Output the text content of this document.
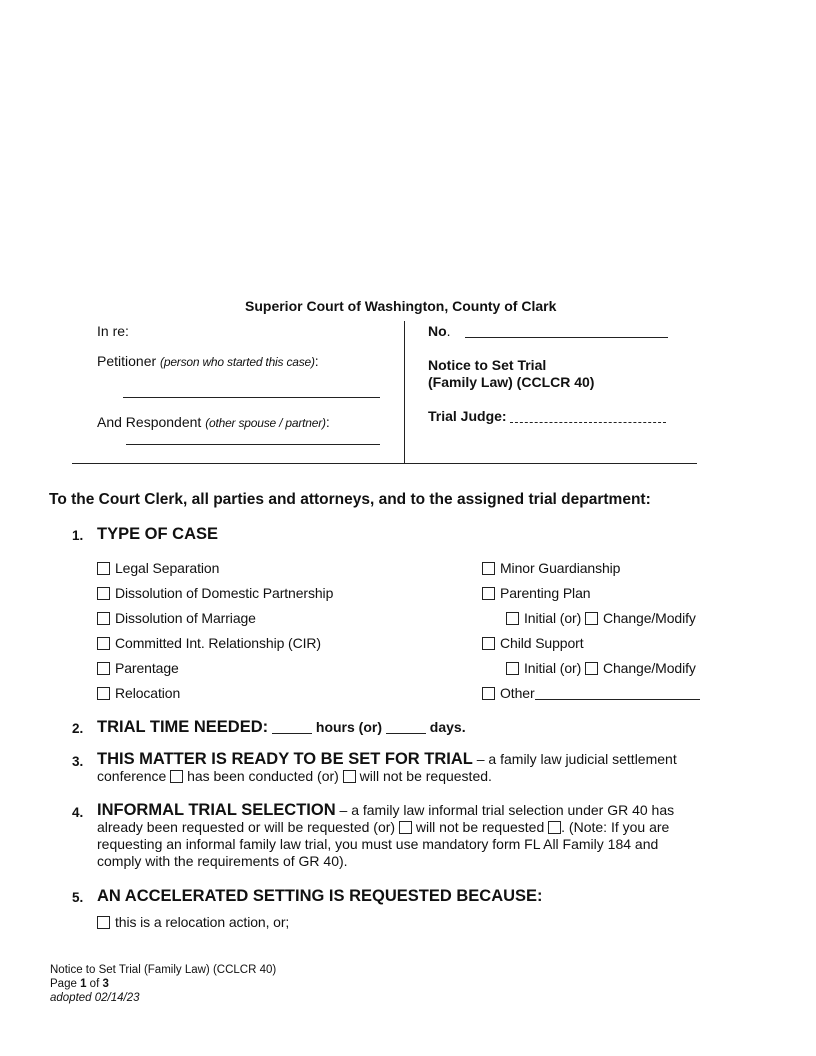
Superior Court of Washington, County of Clark
In re:
Petitioner (person who started this case):
And Respondent (other spouse / partner):
No.
Notice to Set Trial
(Family Law) (CCLCR 40)
Trial Judge:
To the Court Clerk, all parties and attorneys, and to the assigned trial department:
1. TYPE OF CASE
Legal Separation
Dissolution of Domestic Partnership
Dissolution of Marriage
Committed Int. Relationship (CIR)
Parentage
Relocation
Minor Guardianship
Parenting Plan
Initial (or) Change/Modify
Child Support
Initial (or) Change/Modify
Other
2. TRIAL TIME NEEDED:	hours (or)	days.
3. THIS MATTER IS READY TO BE SET FOR TRIAL – a family law judicial settlement
conference has been conducted (or) will not be requested.
4. INFORMAL TRIAL SELECTION – a family law informal trial selection under GR 40 has
already been requested or will be requested (or) will not be requested . (Note: If you are
requesting an informal family law trial, you must use mandatory form FL All Family 184 and
comply with the requirements of GR 40).
5. AN ACCELERATED SETTING IS REQUESTED BECAUSE:
this is a relocation action, or;
Notice to Set Trial (Family Law) (CCLCR 40)
Page 1 of 3
adopted 02/14/23
